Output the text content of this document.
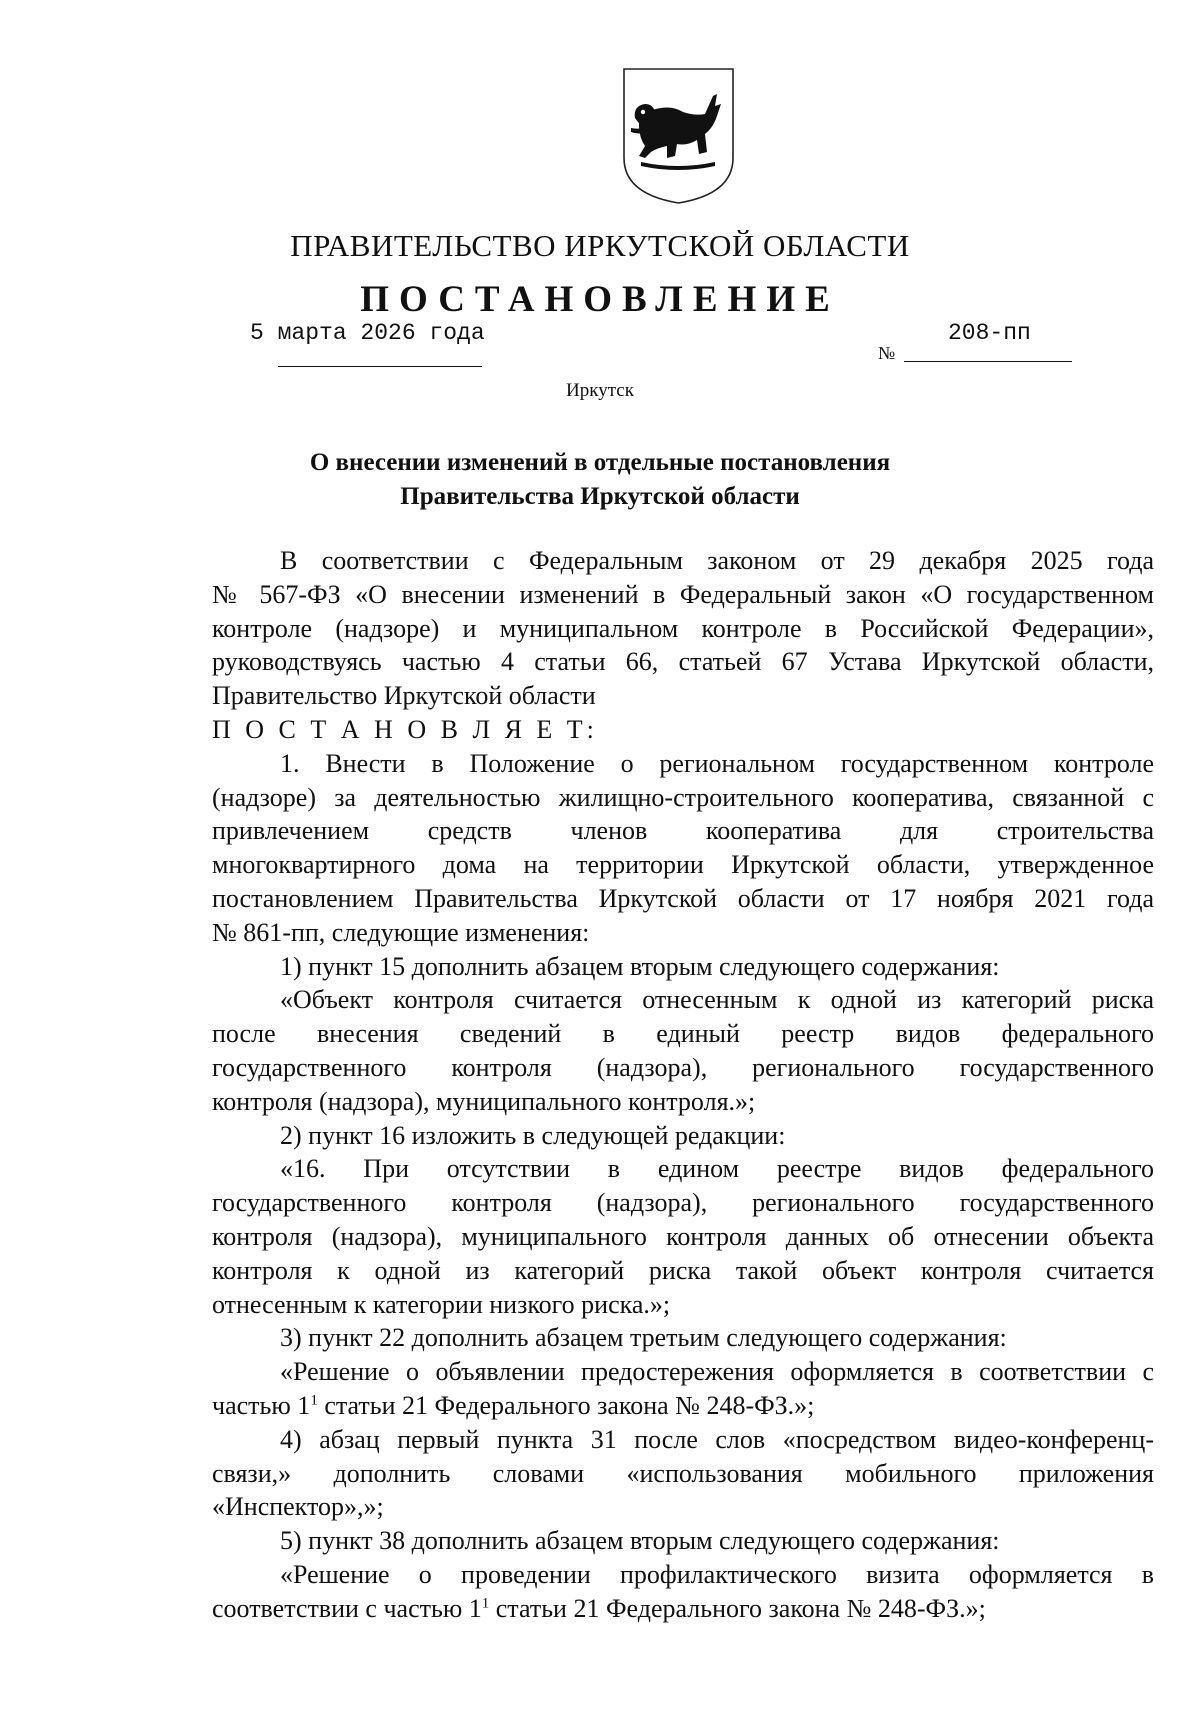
ПРАВИТЕЛЬСТВО ИРКУТСКОЙ ОБЛАСТИ
ПОСТАНОВЛЕНИЕ
5 марта 2026 года
№
208-пп
Иркутск
О внесении изменений в отдельные постановления
Правительства Иркутской области
В соответствии с Федеральным законом от 29 декабря 2025 года
№ 567-ФЗ «О внесении изменений в Федеральный закон «О государственном
контроле (надзоре) и муниципальном контроле в Российской Федерации»,
руководствуясь частью 4 статьи 66, статьей 67 Устава Иркутской области,
Правительство Иркутской области
П О С Т А Н О В Л Я Е Т:
1. Внести в Положение о региональном государственном контроле
(надзоре) за деятельностью жилищно-строительного кооператива, связанной с
привлечением средств членов кооператива для строительства
многоквартирного дома на территории Иркутской области, утвержденное
постановлением Правительства Иркутской области от 17 ноября 2021 года
№ 861-пп, следующие изменения:
1) пункт 15 дополнить абзацем вторым следующего содержания:
«Объект контроля считается отнесенным к одной из категорий риска
после внесения сведений в единый реестр видов федерального
государственного контроля (надзора), регионального государственного
контроля (надзора), муниципального контроля.»;
2) пункт 16 изложить в следующей редакции:
«16. При отсутствии в едином реестре видов федерального
государственного контроля (надзора), регионального государственного
контроля (надзора), муниципального контроля данных об отнесении объекта
контроля к одной из категорий риска такой объект контроля считается
отнесенным к категории низкого риска.»;
3) пункт 22 дополнить абзацем третьим следующего содержания:
«Решение о объявлении предостережения оформляется в соответствии с
частью $1^1$ статьи 21 Федерального закона № 248-ФЗ.»;
4) абзац первый пункта 31 после слов «посредством видео-конференц-
связи,» дополнить словами «использования мобильного приложения
«Инспектор»,»;
5) пункт 38 дополнить абзацем вторым следующего содержания:
«Решение о проведении профилактического визита оформляется в
соответствии с частью $1^1$ статьи 21 Федерального закона № 248-ФЗ.»;
